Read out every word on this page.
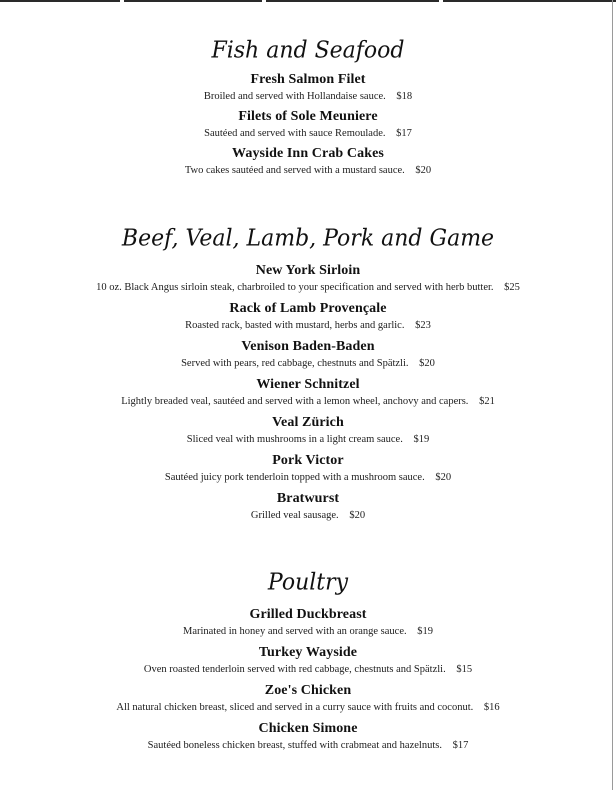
Fish and Seafood
Fresh Salmon Filet
Broiled and served with Hollandaise sauce. $18
Filets of Sole Meuniere
Sautéed and served with sauce Remoulade. $17
Wayside Inn Crab Cakes
Two cakes sautéed and served with a mustard sauce. $20
Beef, Veal, Lamb, Pork and Game
New York Sirloin
10 oz. Black Angus sirloin steak, charbroiled to your specification and served with herb butter. $25
Rack of Lamb Provençale
Roasted rack, basted with mustard, herbs and garlic. $23
Venison Baden-Baden
Served with pears, red cabbage, chestnuts and Spätzli. $20
Wiener Schnitzel
Lightly breaded veal, sautéed and served with a lemon wheel, anchovy and capers. $21
Veal Zürich
Sliced veal with mushrooms in a light cream sauce. $19
Pork Victor
Sautéed juicy pork tenderloin topped with a mushroom sauce. $20
Bratwurst
Grilled veal sausage. $20
Poultry
Grilled Duckbreast
Marinated in honey and served with an orange sauce. $19
Turkey Wayside
Oven roasted tenderloin served with red cabbage, chestnuts and Spätzli. $15
Zoe's Chicken
All natural chicken breast, sliced and served in a curry sauce with fruits and coconut. $16
Chicken Simone
Sautéed boneless chicken breast, stuffed with crabmeat and hazelnuts. $17
